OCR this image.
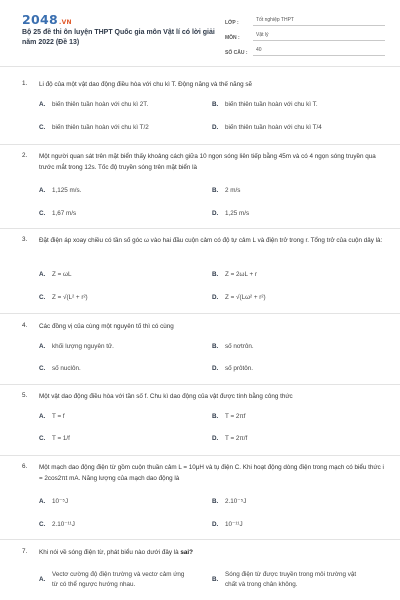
2048.VN
Bộ 25 đề thi ôn luyện THPT Quốc gia môn Vật lí có lời giải năm 2022 (Đề 13)
LỚP :	Tốt nghiệp THPT
MÔN :	Vật lý
SỐ CÂU :	40
1. Li độ của một vật dao động điều hòa với chu kì T. Động năng và thế năng sẽ
A. biến thiên tuần hoàn với chu kì 2T.	B. biến thiên tuần hoàn với chu kì T.
C. biến thiên tuần hoàn với chu kì T/2	D. biến thiên tuần hoàn với chu kì T/4
2. Một người quan sát trên mặt biển thấy khoảng cách giữa 10 ngọn sóng liên tiếp bằng 45m và có 4 ngọn sóng truyền qua trước mắt trong 12s. Tốc độ truyền sóng trên mặt biển là
A. 1,125 m/s.	B. 2 m/s
C. 1,67 m/s	D. 1,25 m/s
3. Đặt điện áp xoay chiều có tần số góc ω vào hai đầu cuộn cảm có độ tự cảm L và điện trở trong r. Tổng trở của cuộn dây là:
A. Z = ωL	B. Z = 2ωL + r
C. Z = √(L² + r²)	D. Z = √(Lω² + r²)
4. Các đồng vị của cùng một nguyên tố thì có cùng
A. khối lượng nguyên tử.	B. số nơtrôn.
C. số nuclôn.	D. số prôtôn.
5. Một vật dao động điều hòa với tần số f. Chu kì dao động của vật được tính bằng công thức
A. T = f	B. T = 2πf
C. T = 1/f	D. T = 2π/f
6. Một mạch dao động điện từ gồm cuộn thuần cảm L = 10μH và tụ điện C. Khi hoạt động dòng điện trong mạch có biểu thức i = 2cos2πt mA. Năng lượng của mạch dao động là
A. 10⁻⁵J	B. 2.10⁻⁵J
C. 2.10⁻¹¹J	D. 10⁻¹¹J
7. Khi nói về sóng điện từ, phát biểu nào dưới đây là sai?
A.Vectơ cường độ điện trường và vectơ cảm ứng từ có thể ngược hướng nhau.
B.Sóng điện từ được truyền trong môi trường vật chất và trong chân không.
